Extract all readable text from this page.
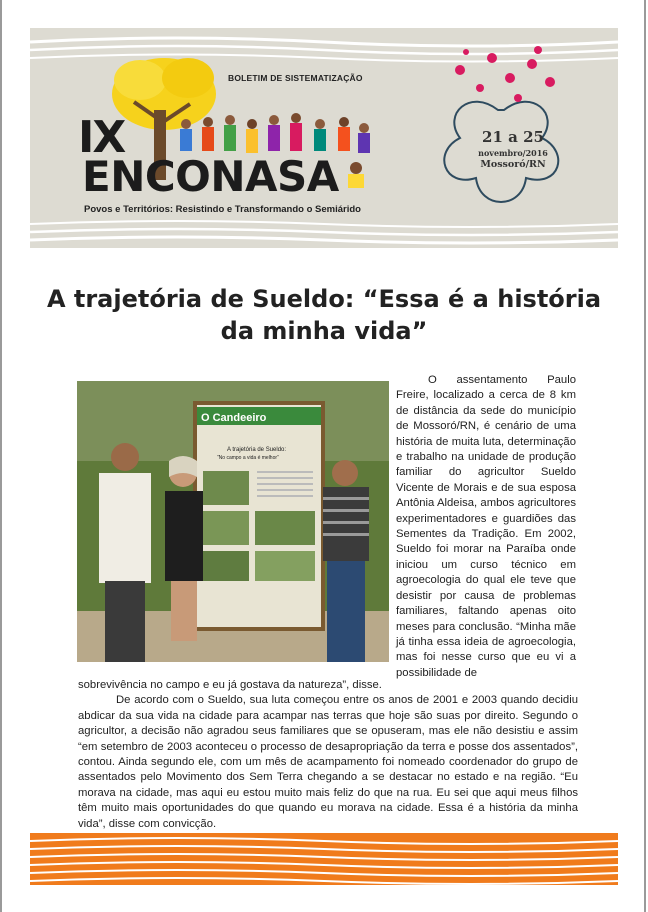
BOLETIM DE SISTEMATIZAÇÃO
IX
ENCONASA
Povos e Territórios: Resistindo e Transformando o Semiárido
21 a 25
novembro/2016
Mossoró/RN
A trajetória de Sueldo: “Essa é a história da minha vida”
O Candeeiro
A trajetória de Sueldo:
“No campo a vida é melhor”
O assentamento Paulo Freire, localizado a cerca de 8 km de distância da sede do município de Mossoró/RN, é cenário de uma história de muita luta, determinação e trabalho na unidade de produção familiar do agricultor Sueldo Vicente de Morais e de sua esposa Antônia Aldeisa, ambos agricultores experimentadores e guardiões das Sementes da Tradição. Em 2002, Sueldo foi morar na Paraíba onde iniciou um curso técnico em agroecologia do qual ele teve que desistir por causa de problemas familiares, faltando apenas oito meses para conclusão. “Minha mãe já tinha essa ideia de agroecologia, mas foi nesse curso que eu vi a possibilidade de

sobrevivência no campo e eu já gostava da natureza”, disse.

De acordo com o Sueldo, sua luta começou entre os anos de 2001 e 2003 quando decidiu abdicar da sua vida na cidade para acampar nas terras que hoje são suas por direito. Segundo o agricultor, a decisão não agradou seus familiares que se opuseram, mas ele não desistiu e assim “em setembro de 2003 aconteceu o processo de desapropriação da terra e posse dos assentados”, contou. Ainda segundo ele, com um mês de acampamento foi nomeado coordenador do grupo de assentados pelo Movimento dos Sem Terra chegando a se destacar no estado e na região. “Eu morava na cidade, mas aqui eu estou muito mais feliz do que na rua. Eu sei que aqui meus filhos têm muito mais oportunidades do que quando eu morava na cidade. Essa é a história da minha vida”, disse com convicção.
